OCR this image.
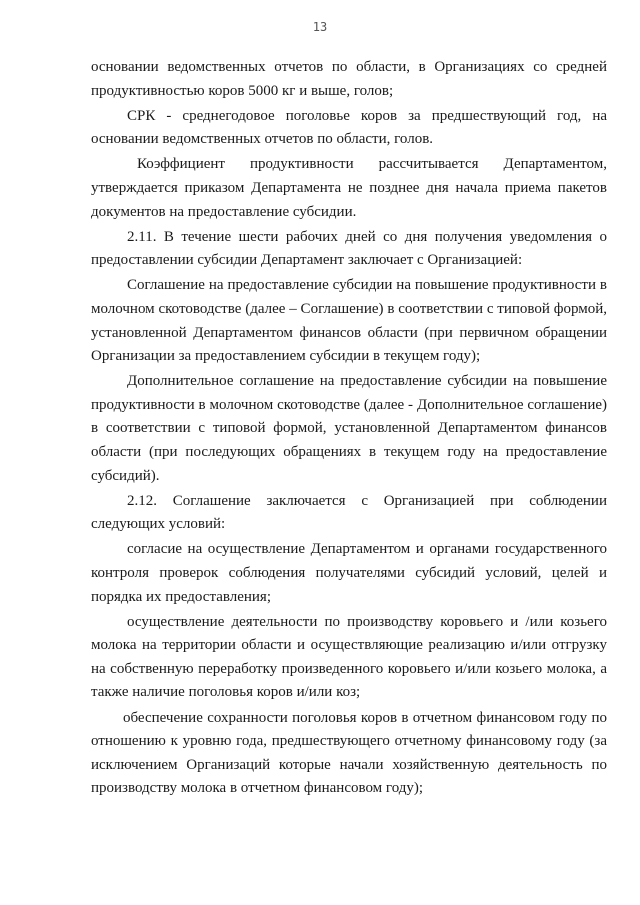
13

основании ведомственных отчетов по области, в Организациях со средней продуктивностью коров 5000 кг и выше, голов;

СРК - среднегодовое поголовье коров за предшествующий год, на основании ведомственных отчетов по области, голов.

Коэффициент продуктивности рассчитывается Департаментом, утверждается приказом Департамента не позднее дня начала приема пакетов документов на предоставление субсидии.

2.11. В течение шести рабочих дней со дня получения уведомления о предоставлении субсидии Департамент заключает с Организацией:

Соглашение на предоставление субсидии на повышение продуктивности в молочном скотоводстве (далее – Соглашение) в соответствии с типовой формой, установленной Департаментом финансов области (при первичном обращении Организации за предоставлением субсидии в текущем году);

Дополнительное соглашение на предоставление субсидии на повышение продуктивности в молочном скотоводстве (далее - Дополнительное соглашение) в соответствии с типовой формой, установленной Департаментом финансов области (при последующих обращениях в текущем году на предоставление субсидий).

2.12. Соглашение заключается с Организацией при соблюдении следующих условий:

согласие на осуществление Департаментом и органами государственного контроля проверок соблюдения получателями субсидий условий, целей и порядка их предоставления;

осуществление деятельности по производству коровьего и /или козьего молока на территории области и осуществляющие реализацию и/или отгрузку на собственную переработку произведенного коровьего и/или козьего молока, а также наличие поголовья коров и/или коз;

обеспечение сохранности поголовья коров в отчетном финансовом году по отношению к уровню года, предшествующего отчетному финансовому году (за исключением Организаций которые начали хозяйственную деятельность по производству молока в отчетном финансовом году);
